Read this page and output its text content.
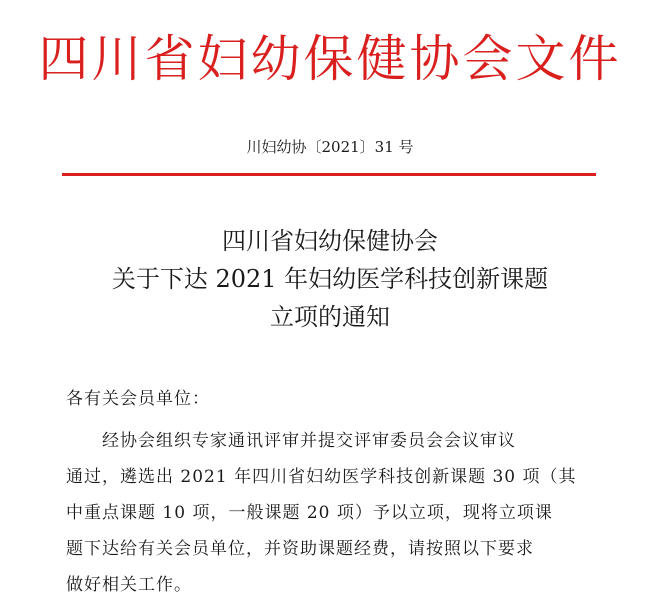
四川省妇幼保健协会文件
川妇幼协〔2021〕31 号
四川省妇幼保健协会
关于下达 2021 年妇幼医学科技创新课题
立项的通知
各有关会员单位：
经协会组织专家通讯评审并提交评审委员会会议审议
通过，遴选出 2021 年四川省妇幼医学科技创新课题 30 项（其
中重点课题 10 项，一般课题 20 项）予以立项，现将立项课
题下达给有关会员单位，并资助课题经费，请按照以下要求
做好相关工作。
